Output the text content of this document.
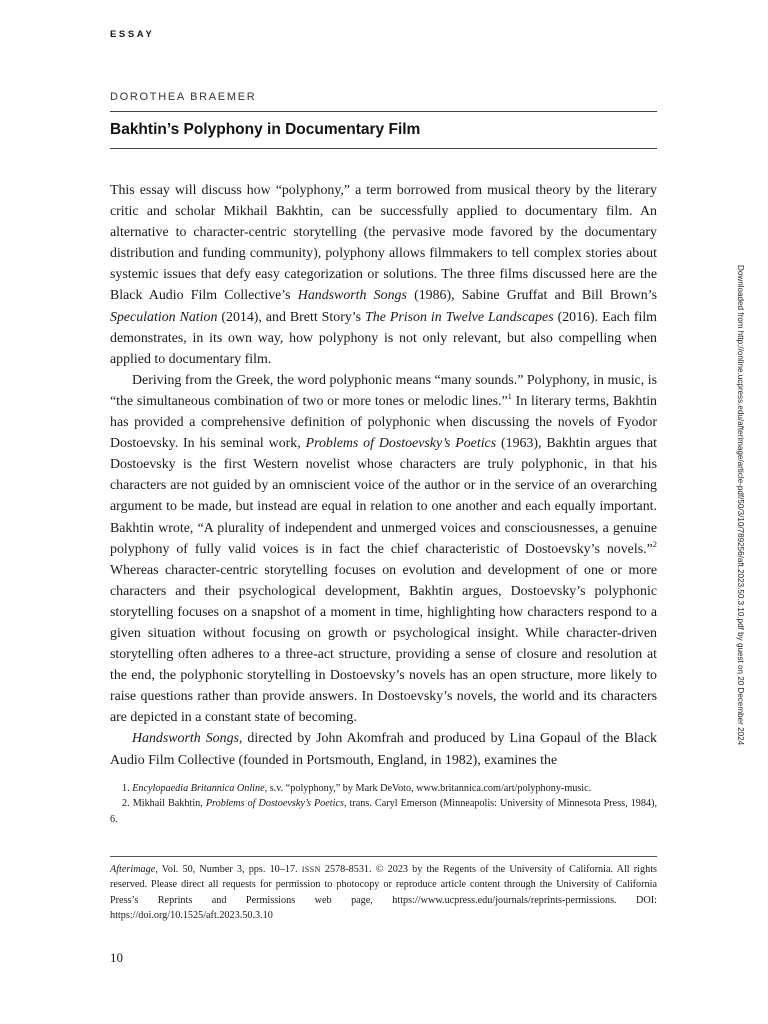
ESSAY
DOROTHEA BRAEMER
Bakhtin’s Polyphony in Documentary Film

This essay will discuss how “polyphony,” a term borrowed from musical theory by the literary critic and scholar Mikhail Bakhtin, can be successfully applied to documentary film. An alternative to character-centric storytelling (the pervasive mode favored by the documentary distribution and funding community), polyphony allows filmmakers to tell complex stories about systemic issues that defy easy categorization or solutions. The three films discussed here are the Black Audio Film Collective’s Handsworth Songs (1986), Sabine Gruffat and Bill Brown’s Speculation Nation (2014), and Brett Story’s The Prison in Twelve Landscapes (2016). Each film demonstrates, in its own way, how polyphony is not only relevant, but also compelling when applied to documentary film.

Deriving from the Greek, the word polyphonic means “many sounds.” Polyphony, in music, is “the simultaneous combination of two or more tones or melodic lines.”$^1$ In literary terms, Bakhtin has provided a comprehensive definition of polyphonic when discussing the novels of Fyodor Dostoevsky. In his seminal work, Problems of Dostoevsky’s Poetics (1963), Bakhtin argues that Dostoevsky is the first Western novelist whose characters are truly polyphonic, in that his characters are not guided by an omniscient voice of the author or in the service of an overarching argument to be made, but instead are equal in relation to one another and each equally important. Bakhtin wrote, “A plurality of independent and unmerged voices and consciousnesses, a genuine polyphony of fully valid voices is in fact the chief characteristic of Dostoevsky’s novels.”$^2$ Whereas character-centric storytelling focuses on evolution and development of one or more characters and their psychological development, Bakhtin argues, Dostoevsky’s polyphonic storytelling focuses on a snapshot of a moment in time, highlighting how characters respond to a given situation without focusing on growth or psychological insight. While character-driven storytelling often adheres to a three-act structure, providing a sense of closure and resolution at the end, the polyphonic storytelling in Dostoevsky’s novels has an open structure, more likely to raise questions rather than provide answers. In Dostoevsky’s novels, the world and its characters are depicted in a constant state of becoming.

Handsworth Songs, directed by John Akomfrah and produced by Lina Gopaul of the Black Audio Film Collective (founded in Portsmouth, England, in 1982), examines the

1. Encylopaedia Britannica Online, s.v. “polyphony,” by Mark DeVoto, www.britannica.com/art/polyphony-music.

2. Mikhail Bakhtin, Problems of Dostoevsky’s Poetics, trans. Caryl Emerson (Minneapolis: University of Minnesota Press, 1984), 6.

Afterimage, Vol. 50, Number 3, pps. 10–17. ISSN 2578-8531. © 2023 by the Regents of the University of California. All rights reserved. Please direct all requests for permission to photocopy or reproduce article content through the University of California Press’s Reprints and Permissions web page, https://www.ucpress.edu/journals/reprints-permissions. DOI: https://doi.org/10.1525/aft.2023.50.3.10

10
Downloaded from http://online.ucpress.edu/afterimage/article-pdf/50/3/10/789256/aft.2023.50.3.10.pdf by guest on 20 December 2024
